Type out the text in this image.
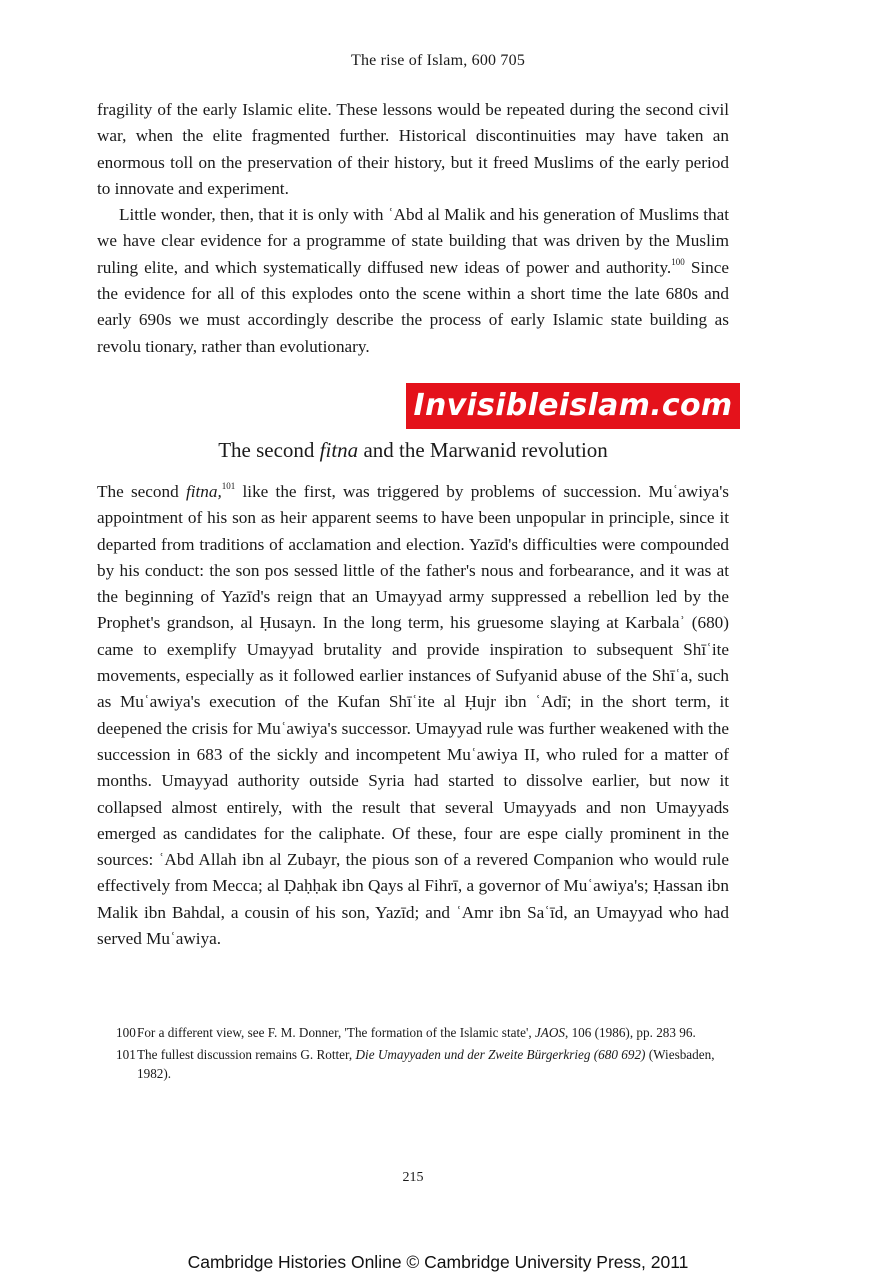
The rise of Islam, 600 705

fragility of the early Islamic elite. These lessons would be repeated during the second civil war, when the elite fragmented further. Historical discontinuities may have taken an enormous toll on the preservation of their history, but it freed Muslims of the early period to innovate and experiment.

Little wonder, then, that it is only with ʿAbd al Malik and his generation of Muslims that we have clear evidence for a programme of state building that was driven by the Muslim ruling elite, and which systematically diffused new ideas of power and authority.$^{100}$ Since the evidence for all of this explodes onto the scene within a short time the late 680s and early 690s we must accordingly describe the process of early Islamic state building as revolu tionary, rather than evolutionary.

Invisibleislam.com
The second fitna and the Marwanid revolution

The second fitna,$^{101}$ like the first, was triggered by problems of succession. Muʿawiya's appointment of his son as heir apparent seems to have been unpopular in principle, since it departed from traditions of acclamation and election. Yazīd's difficulties were compounded by his conduct: the son pos sessed little of the father's nous and forbearance, and it was at the beginning of Yazīd's reign that an Umayyad army suppressed a rebellion led by the Prophet's grandson, al Ḥusayn. In the long term, his gruesome slaying at Karbalaʾ (680) came to exemplify Umayyad brutality and provide inspiration to subsequent Shīʿite movements, especially as it followed earlier instances of Sufyanid abuse of the Shīʿa, such as Muʿawiya's execution of the Kufan Shīʿite al Ḥujr ibn ʿAdī; in the short term, it deepened the crisis for Muʿawiya's successor. Umayyad rule was further weakened with the succession in 683 of the sickly and incompetent Muʿawiya II, who ruled for a matter of months. Umayyad authority outside Syria had started to dissolve earlier, but now it collapsed almost entirely, with the result that several Umayyads and non Umayyads emerged as candidates for the caliphate. Of these, four are espe cially prominent in the sources: ʿAbd Allah ibn al Zubayr, the pious son of a revered Companion who would rule effectively from Mecca; al Ḍaḥḥak ibn Qays al Fihrī, a governor of Muʿawiya's; Ḥassan ibn Malik ibn Bahdal, a cousin of his son, Yazīd; and ʿAmr ibn Saʿīd, an Umayyad who had served Muʿawiya.

100 For a different view, see F. M. Donner, 'The formation of the Islamic state', JAOS, 106 (1986), pp. 283 96.
101 The fullest discussion remains G. Rotter, Die Umayyaden und der Zweite Bürgerkrieg (680 692) (Wiesbaden, 1982).
215
Cambridge Histories Online © Cambridge University Press, 2011
